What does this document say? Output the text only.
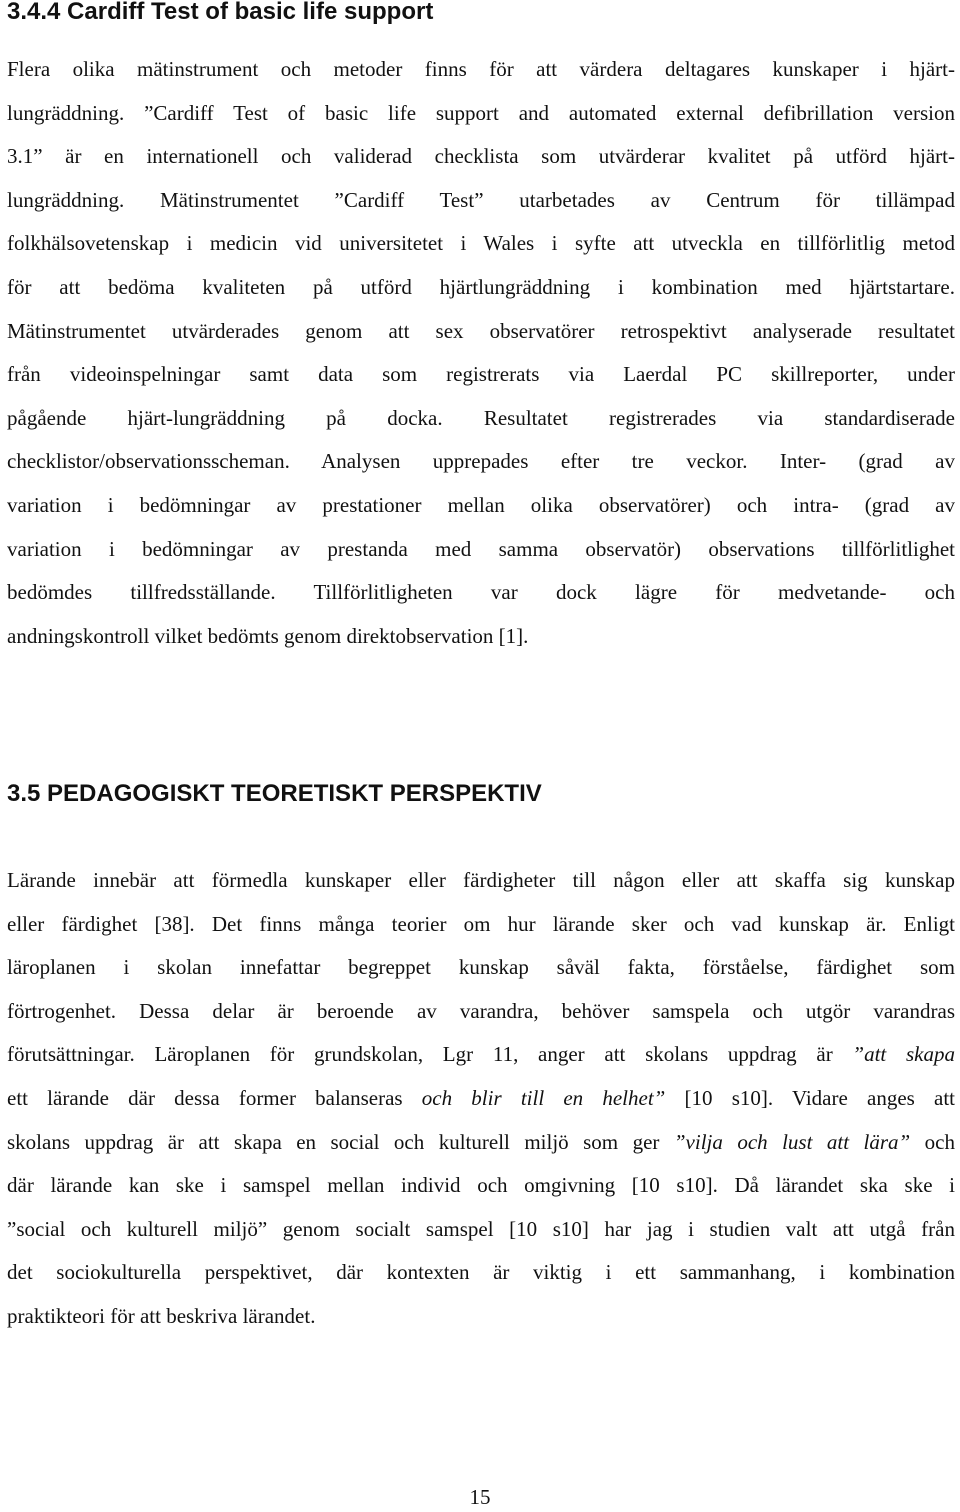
3.4.4 Cardiff Test of basic life support
Flera olika mätinstrument och metoder finns för att värdera deltagares kunskaper i hjärt-
lungräddning. ”Cardiff Test of basic life support and automated external defibrillation version
3.1” är en internationell och validerad checklista som utvärderar kvalitet på utförd hjärt-
lungräddning. Mätinstrumentet ”Cardiff Test” utarbetades av Centrum för tillämpad
folkhälsovetenskap i medicin vid universitetet i Wales i syfte att utveckla en tillförlitlig metod
för att bedöma kvaliteten på utförd hjärtlungräddning i kombination med hjärtstartare.
Mätinstrumentet utvärderades genom att sex observatörer retrospektivt analyserade resultatet
från videoinspelningar samt data som registrerats via Laerdal PC skillreporter, under
pågående hjärt-lungräddning på docka. Resultatet registrerades via standardiserade
checklistor/observationsscheman. Analysen upprepades efter tre veckor. Inter- (grad av
variation i bedömningar av prestationer mellan olika observatörer) och intra- (grad av
variation i bedömningar av prestanda med samma observatör) observations tillförlitlighet
bedömdes tillfredsställande. Tillförlitligheten var dock lägre för medvetande- och
andningskontroll vilket bedömts genom direktobservation [1].
3.5 PEDAGOGISKT TEORETISKT PERSPEKTIV
Lärande innebär att förmedla kunskaper eller färdigheter till någon eller att skaffa sig kunskap
eller färdighet [38]. Det finns många teorier om hur lärande sker och vad kunskap är. Enligt
läroplanen i skolan innefattar begreppet kunskap såväl fakta, förståelse, färdighet som
förtrogenhet. Dessa delar är beroende av varandra, behöver samspela och utgör varandras
förutsättningar. Läroplanen för grundskolan, Lgr 11, anger att skolans uppdrag är ”att skapa
ett lärande där dessa former balanseras och blir till en helhet” [10 s10]. Vidare anges att
skolans uppdrag är att skapa en social och kulturell miljö som ger ”vilja och lust att lära” och
där lärande kan ske i samspel mellan individ och omgivning [10 s10]. Då lärandet ska ske i
”social och kulturell miljö” genom socialt samspel [10 s10] har jag i studien valt att utgå från
det sociokulturella perspektivet, där kontexten är viktig i ett sammanhang, i kombination
praktikteori för att beskriva lärandet.
15
